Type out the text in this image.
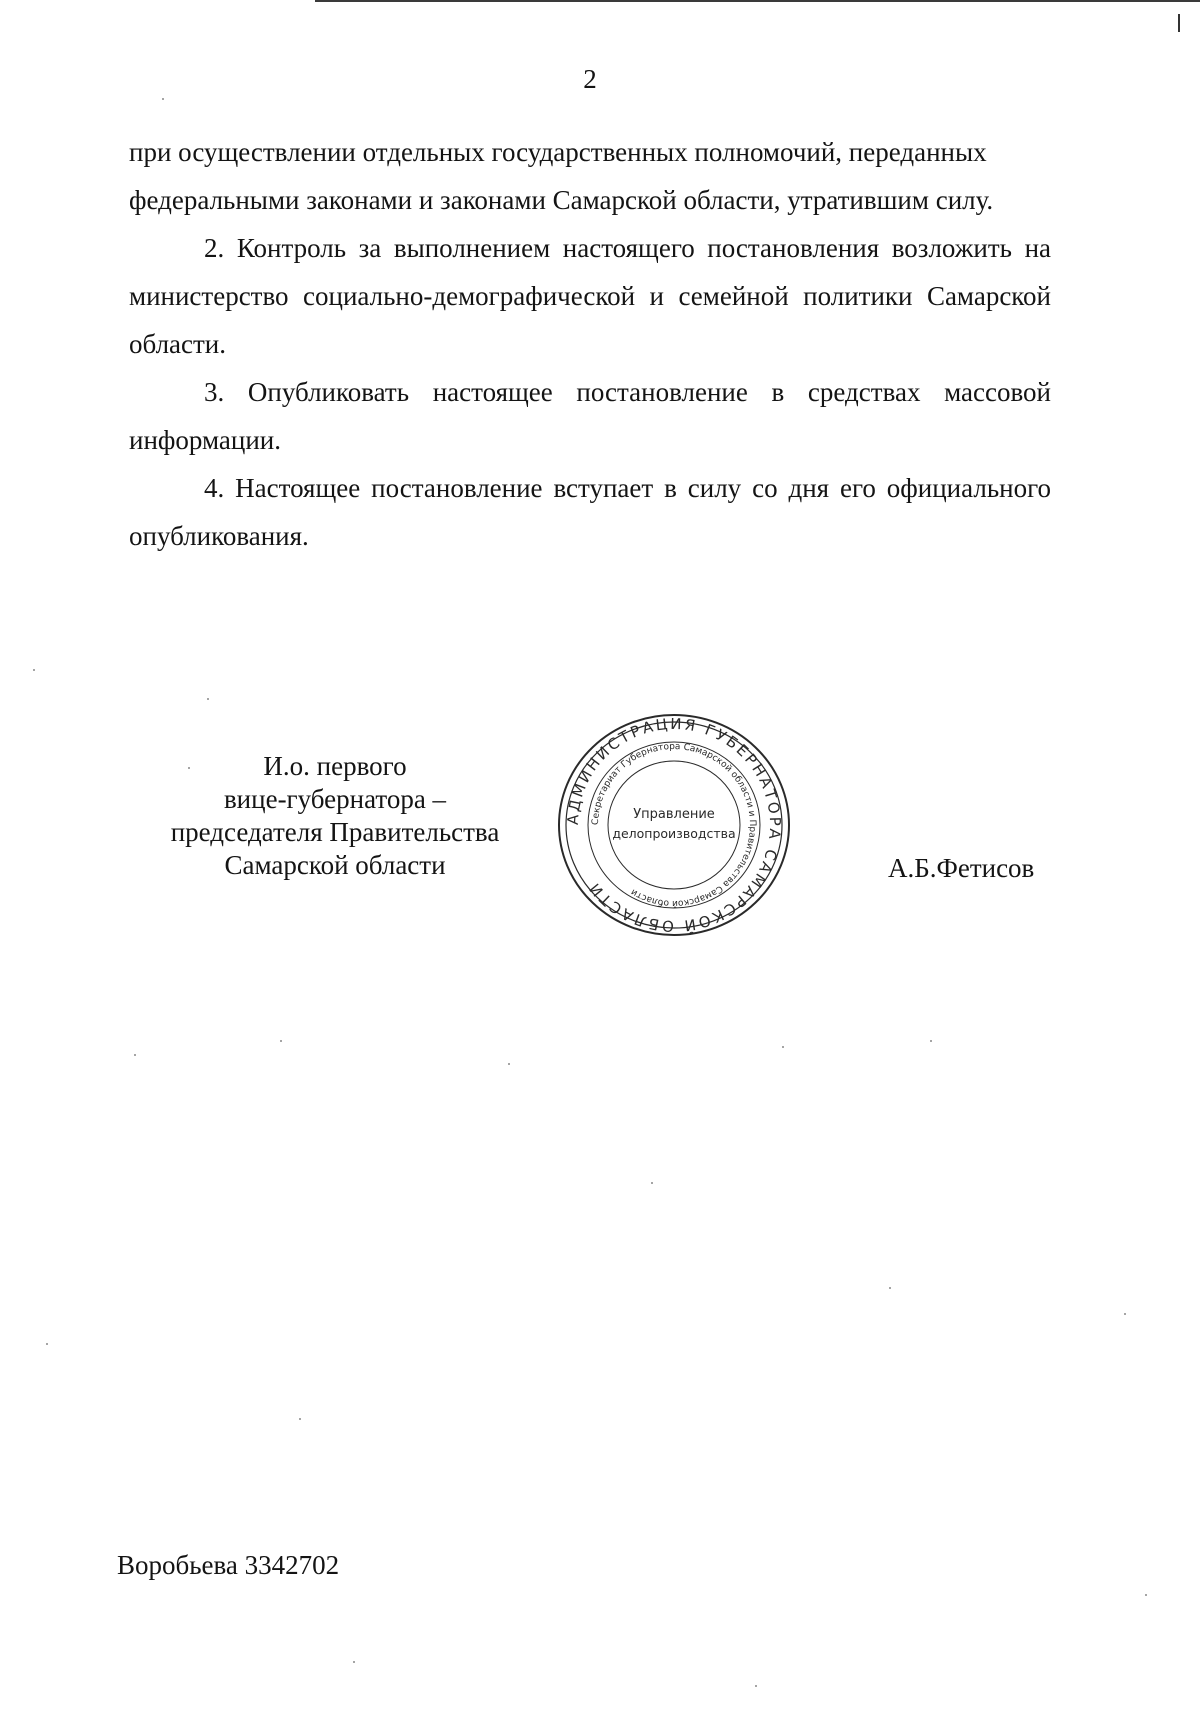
2

при осуществлении отдельных государственных полномочий, переданных федеральными законами и законами Самарской области, утратившим силу.

2. Контроль за выполнением настоящего постановления возложить на министерство социально-демографической и семейной политики Самарской области.

3. Опубликовать настоящее постановление в средствах массовой информации.

4. Настоящее постановление вступает в силу со дня его официального опубликования.

И.о. первого
вице-губернатора –
председателя Правительства
Самарской области
АДМИНИСТРАЦИЯ ГУБЕРНАТОРА САМАРСКОЙ ОБЛАСТИ
Секретариат Губернатора Самарской области и Правительства Самарской области
Управление
делопроизводства
А.Б.Фетисов
Воробьева 3342702
